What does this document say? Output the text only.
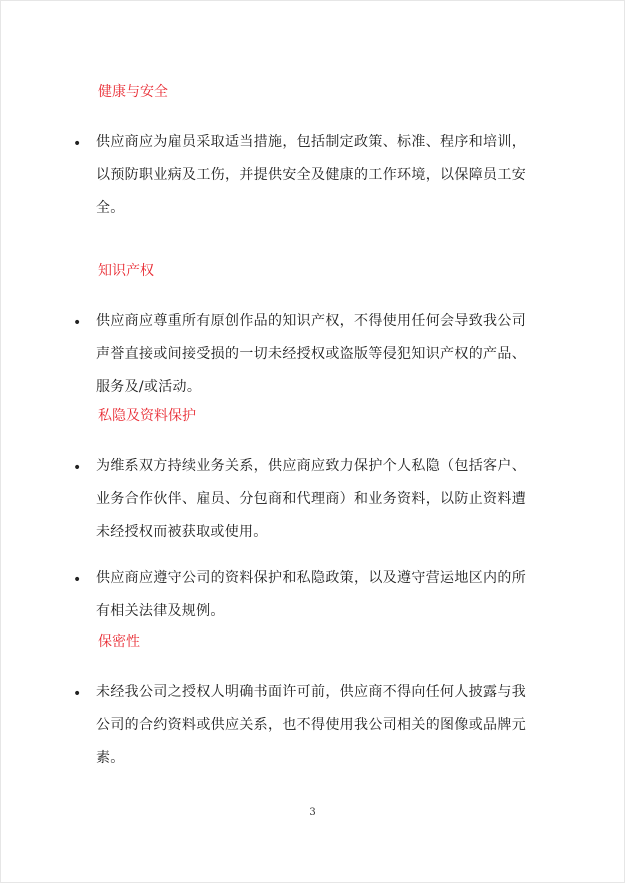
健康与安全
• 供应商应为雇员采取适当措施，包括制定政策、标准、程序和培训，以预防职业病及工伤，并提供安全及健康的工作环境，以保障员工安全。
知识产权
• 供应商应尊重所有原创作品的知识产权，不得使用任何会导致我公司声誉直接或间接受损的一切未经授权或盗版等侵犯知识产权的产品、服务及/或活动。
私隐及资料保护
• 为维系双方持续业务关系，供应商应致力保护个人私隐（包括客户、业务合作伙伴、雇员、分包商和代理商）和业务资料，以防止资料遭未经授权而被获取或使用。
• 供应商应遵守公司的资料保护和私隐政策，以及遵守营运地区内的所有相关法律及规例。
保密性
• 未经我公司之授权人明确书面许可前，供应商不得向任何人披露与我公司的合约资料或供应关系，也不得使用我公司相关的图像或品牌元素。
3
